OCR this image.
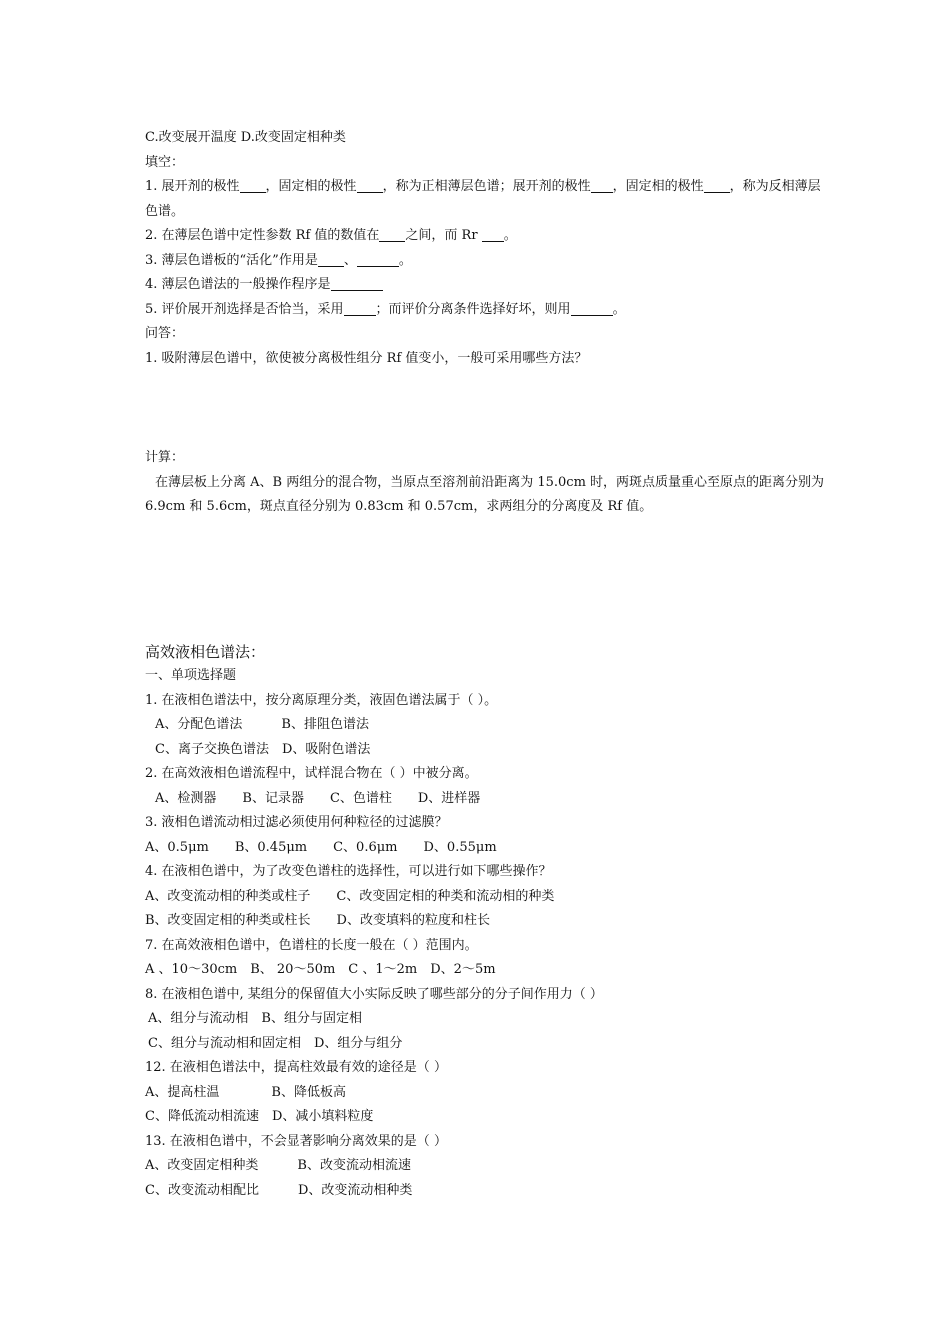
C.改变展开温度 D.改变固定相种类
填空：
1. 展开剂的极性 ，固定相的极性 ，称为正相薄层色谱；展开剂的极性 ，固定相的极性 ，称为反相薄层色谱。
2. 在薄层色谱中定性参数 Rf 值的数值在 之间，而 Rr 。
3. 薄层色谱板的“活化”作用是 、	。
4. 薄层色谱法的一般操作程序是
5. 评价展开剂选择是否恰当，采用 ；而评价分离条件选择好坏，则用	。
问答：
1. 吸附薄层色谱中，欲使被分离极性组分 Rf 值变小，一般可采用哪些方法？
计算：
在薄层板上分离 A、B 两组分的混合物，当原点至溶剂前沿距离为 15.0cm 时，两斑点质量重心至原点的距离分别为 6.9cm 和 5.6cm，斑点直径分别为 0.83cm 和 0.57cm，求两组分的分离度及 Rf 值。
高效液相色谱法：
一、单项选择题
1. 在液相色谱法中，按分离原理分类，液固色谱法属于（ ）。
A、分配色谱法　　　B、排阻色谱法
C、离子交换色谱法　D、吸附色谱法
2. 在高效液相色谱流程中，试样混合物在（ ）中被分离。
A、检测器　　B、记录器　　C、色谱柱　　D、进样器
3. 液相色谱流动相过滤必须使用何种粒径的过滤膜？
A、0.5μm　　B、0.45μm　　C、0.6μm　　D、0.55μm
4. 在液相色谱中，为了改变色谱柱的选择性，可以进行如下哪些操作？
A、改变流动相的种类或柱子　　C、改变固定相的种类和流动相的种类
B、改变固定相的种类或柱长　　D、改变填料的粒度和柱长
7. 在高效液相色谱中，色谱柱的长度一般在（ ）范围内。
A 、10～30cm　B、 20～50m　C 、1～2m　D、2～5m
8. 在液相色谱中, 某组分的保留值大小实际反映了哪些部分的分子间作用力（ ）
A、组分与流动相　B、组分与固定相
C、组分与流动相和固定相　D、组分与组分
12. 在液相色谱法中，提高柱效最有效的途径是（ ）
A、提高柱温　　　　B、降低板高
C、降低流动相流速　D、减小填料粒度
13. 在液相色谱中，不会显著影响分离效果的是（ ）
A、改变固定相种类　　　B、改变流动相流速
C、改变流动相配比　　　D、改变流动相种类
